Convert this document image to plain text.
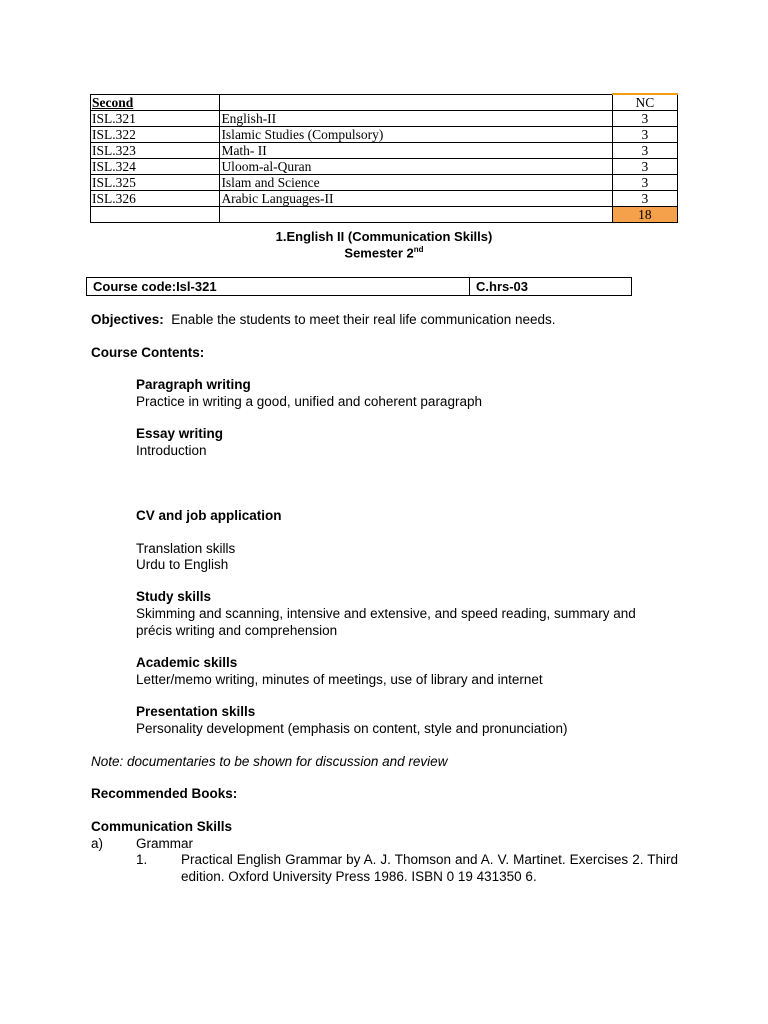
Second		NC
ISL.321	English-II	3
ISL.322	Islamic Studies (Compulsory)	3
ISL.323	Math- II	3
ISL.324	Uloom-al-Quran	3
ISL.325	Islam and Science	3
ISL.326	Arabic Languages-II	3
		18
1.English II (Communication Skills)
Semester 2nd
Course code:Isl-321	C.hrs-03
Objectives: Enable the students to meet their real life communication needs.
Course Contents:
Paragraph writing
Practice in writing a good, unified and coherent paragraph
Essay writing
Introduction
CV and job application
Translation skills
Urdu to English
Study skills
Skimming and scanning, intensive and extensive, and speed reading, summary and précis writing and comprehension
Academic skills
Letter/memo writing, minutes of meetings, use of library and internet
Presentation skills
Personality development (emphasis on content, style and pronunciation)
Note: documentaries to be shown for discussion and review
Recommended Books:
Communication Skills
a) Grammar
1. Practical English Grammar by A. J. Thomson and A. V. Martinet. Exercises 2. Third edition. Oxford University Press 1986. ISBN 0 19 431350 6.
